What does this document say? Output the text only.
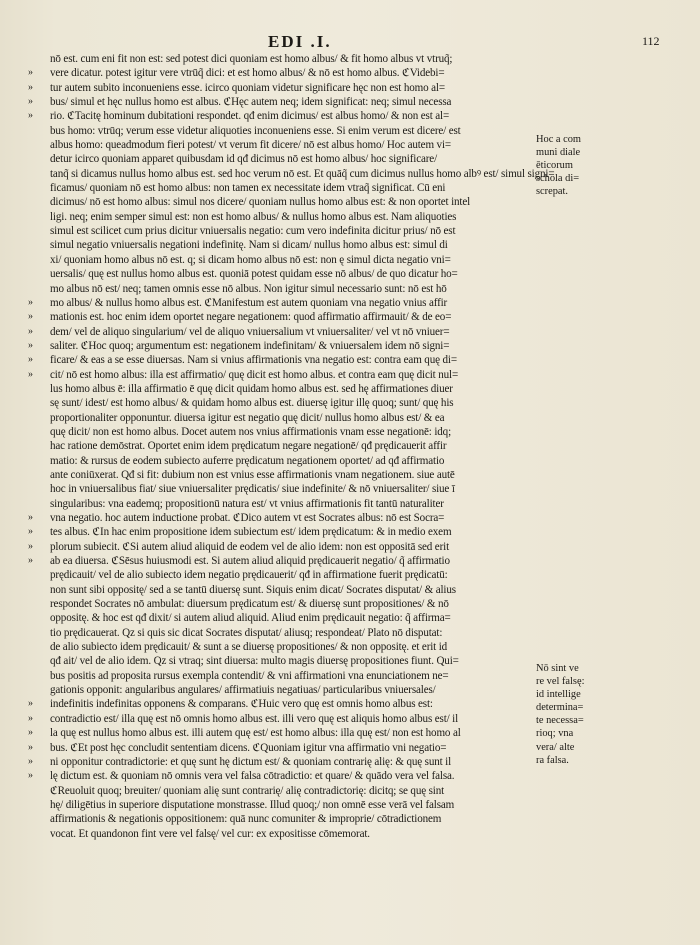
EDI .I.	112
nō est. cum eni fit non est: sed potest dici quoniam est homo albus/ & fit homo albus vt vtruq̃;
» vere dicatur. potest igitur vere vtrūq̃ dici: et est homo albus/ & nō est homo albus. ℭVidebi=
» tur autem subito inconueniens esse. icirco quoniam videtur significare hęc non est homo al=
» bus/ simul et hęc nullus homo est albus. ℭHęc autem neq; idem significat: neq; simul necessa
» rio. ℭTacitę hominum dubitationi respondet. qđ enim dicimus/ est albus homo/ & non est al=
bus homo: vtrūq; verum esse videtur aliquoties inconueniens esse. Si enim verum est dicere/ est
albus homo: queadmodum fieri potest/ vt verum fit dicere/ nō est albus homo/ Hoc autem vi=
detur icirco quoniam apparet quibusdam id qđ dicimus nō est homo albus/ hoc significare/
tanq̃ si dicamus nullus homo albus est. sed hoc verum nō est. Et quāq̃ cum dicimus nullus homo albꝰ est/ simul signi=
ficamus/ quoniam nō est homo albus: non tamen ex necessitate idem vtraq̃ significat. Cū eni
dicimus/ nō est homo albus: simul nos dicere/ quoniam nullus homo albus est: & non oportet intel
ligi. neq; enim semper simul est: non est homo albus/ & nullus homo albus est. Nam aliquoties
simul est scilicet cum prius dicitur vniuersalis negatio: cum vero indefinita dicitur prius/ nō est
simul negatio vniuersalis negationi indefinitę. Nam si dicam/ nullus homo albus est: simul di
xi/ quoniam homo albus nō est. q; si dicam homo albus nō est: non ę simul dicta negatio vni=
uersalis/ quę est nullus homo albus est. quoniā potest quidam esse nō albus/ de quo dicatur ho=
mo albus nō est/ neq; tamen omnis esse nō albus. Non igitur simul necessario sunt: nō est hō
» mo albus/ & nullus homo albus est. ℭManifestum est autem quoniam vna negatio vnius affir
» mationis est. hoc enim idem oportet negare negationem: quod affirmatio affirmauit/ & de eo=
» dem/ vel de aliquo singularium/ vel de aliquo vniuersalium vt vniuersaliter/ vel vt nō vniuer=
» saliter. ℭHoc quoq; argumentum est: negationem indefinitam/ & vniuersalem idem nō signi=
» ficare/ & eas a se esse diuersas. Nam si vnius affirmationis vna negatio est: contra eam quę di=
» cit/ nō est homo albus: illa est affirmatio/ quę dicit est homo albus. et contra eam quę dicit nul=
lus homo albus ē: illa affirmatio ē quę dicit quidam homo albus est. sed hę affirmationes diuer
sę sunt/ idest/ est homo albus/ & quidam homo albus est. diuersę igitur illę quoq; sunt/ quę his
proportionaliter opponuntur. diuersa igitur est negatio quę dicit/ nullus homo albus est/ & ea
quę dicit/ non est homo albus. Docet autem nos vnius affirmationis vnam esse negationē: idq;
hac ratione demōstrat. Oportet enim idem prędicatum negare negationē/ qđ prędicauerit affir
matio: & rursus de eodem subiecto auferre prędicatum negationem oportet/ ad qđ affirmatio
ante coniūxerat. Qđ si fit: dubium non est vnius esse affirmationis vnam negationem. siue autē
hoc in vniuersalibus fiat/ siue vniuersaliter prędicatis/ siue indefinite/ & nō vniuersaliter/ siue ī
singularibus: vna eademq; propositionū natura est/ vt vnius affirmationis fit tantū naturaliter
» vna negatio. hoc autem inductione probat. ℭDico autem vt est Socrates albus: nō est Socra=
» tes albus. ℭIn hac enim propositione idem subiectum est/ idem prędicatum: & in medio exem
» plorum subiecit. ℭSi autem aliud aliquid de eodem vel de alio idem: non est oppositā sed erit
» ab ea diuersa. ℭSēsus huiusmodi est. Si autem aliud aliquid prędicauerit negatio/ q̃ affirmatio
prędicauit/ vel de alio subiecto idem negatio prędicauerit/ qđ in affirmatione fuerit prędicatū:
non sunt sibi oppositę/ sed a se tantū diuersę sunt. Siquis enim dicat/ Socrates disputat/ & alius
respondet Socrates nō ambulat: diuersum prędicatum est/ & diuersę sunt propositiones/ & nō
oppositę. & hoc est qđ dixit/ si autem aliud aliquid. Aliud enim prędicauit negatio: q̃ affirma=
tio prędicauerat. Qz si quis sic dicat Socrates disputat/ aliusq; respondeat/ Plato nō disputat:
de alio subiecto idem prędicauit/ & sunt a se diuersę propositiones/ & non oppositę. et erit id
qđ ait/ vel de alio idem. Qz si vtraq; sint diuersa: multo magis diuersę propositiones fiunt. Qui=
bus positis ad proposita rursus exempla contendit/ & vni affirmationi vna enunciationem ne=
gationis opponit: angularibus angulares/ affirmatiuis negatiuas/ particularibus vniuersales/
» indefinitis indefinitas opponens & comparans. ℭHuic vero quę est omnis homo albus est:
» contradictio est/ illa quę est nō omnis homo albus est. illi vero quę est aliquis homo albus est/ il
» la quę est nullus homo albus est. illi autem quę est/ est homo albus: illa quę est/ non est homo al
» bus. ℭEt post hęc concludit sententiam dicens. ℭQuoniam igitur vna affirmatio vni negatio=
» ni opponitur contradictorie: et quę sunt hę dictum est/ & quoniam contrarię alię: & quę sunt il
» lę dictum est. & quoniam nō omnis vera vel falsa cōtradictio: et quare/ & quādo vera vel falsa.
ℭReuoluit quoq; breuiter/ quoniam alię sunt contrarię/ alię contradictorię: dicitq; se quę sint
hę/ diligētius in superiore disputatione monstrasse. Illud quoq;/ non omnē esse verā vel falsam
affirmationis & negationis oppositionem: quā nunc comuniter & improprie/ cōtradictionem
vocat. Et quandonon fint vere vel falsę/ vel cur: ex expositisse cōmemorat.
Hoc a com
muni diale
ēticorum
schola di=
screpat.
Nō sint ve
re vel falsę:
id intellige
determina=
te necessa=
rioq; vna
vera/ alte
ra falsa.
